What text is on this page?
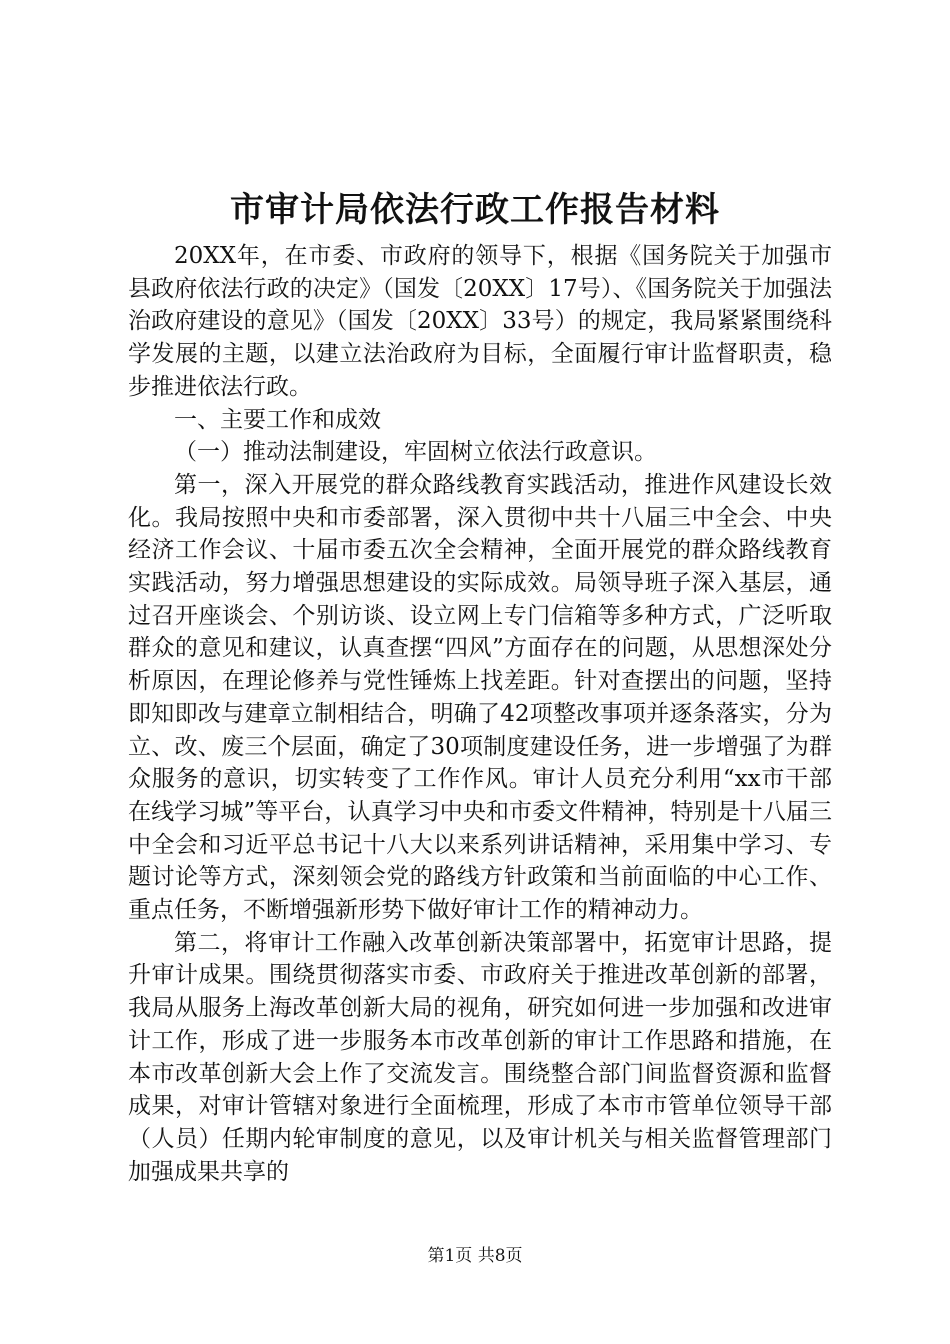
市审计局依法行政工作报告材料

20XX年，在市委、市政府的领导下，根据《国务院关于加强市县政府依法行政的决定》（国发〔20XX〕17号）、《国务院关于加强法治政府建设的意见》（国发〔20XX〕33号）的规定，我局紧紧围绕科学发展的主题，以建立法治政府为目标，全面履行审计监督职责，稳步推进依法行政。

一、主要工作和成效

（一）推动法制建设，牢固树立依法行政意识。

第一，深入开展党的群众路线教育实践活动，推进作风建设长效化。我局按照中央和市委部署，深入贯彻中共十八届三中全会、中央经济工作会议、十届市委五次全会精神，全面开展党的群众路线教育实践活动，努力增强思想建设的实际成效。局领导班子深入基层，通过召开座谈会、个别访谈、设立网上专门信箱等多种方式，广泛听取群众的意见和建议，认真查摆“四风”方面存在的问题，从思想深处分析原因，在理论修养与党性锤炼上找差距。针对查摆出的问题，坚持即知即改与建章立制相结合，明确了42项整改事项并逐条落实，分为立、改、废三个层面，确定了30项制度建设任务，进一步增强了为群众服务的意识，切实转变了工作作风。审计人员充分利用“xx市干部在线学习城”等平台，认真学习中央和市委文件精神，特别是十八届三中全会和习近平总书记十八大以来系列讲话精神，采用集中学习、专题讨论等方式，深刻领会党的路线方针政策和当前面临的中心工作、重点任务，不断增强新形势下做好审计工作的精神动力。

第二，将审计工作融入改革创新决策部署中，拓宽审计思路，提升审计成果。围绕贯彻落实市委、市政府关于推进改革创新的部署，我局从服务上海改革创新大局的视角，研究如何进一步加强和改进审计工作，形成了进一步服务本市改革创新的审计工作思路和措施，在本市改革创新大会上作了交流发言。围绕整合部门间监督资源和监督成果，对审计管辖对象进行全面梳理，形成了本市市管单位领导干部（人员）任期内轮审制度的意见，以及审计机关与相关监督管理部门加强成果共享的

第1页 共8页
